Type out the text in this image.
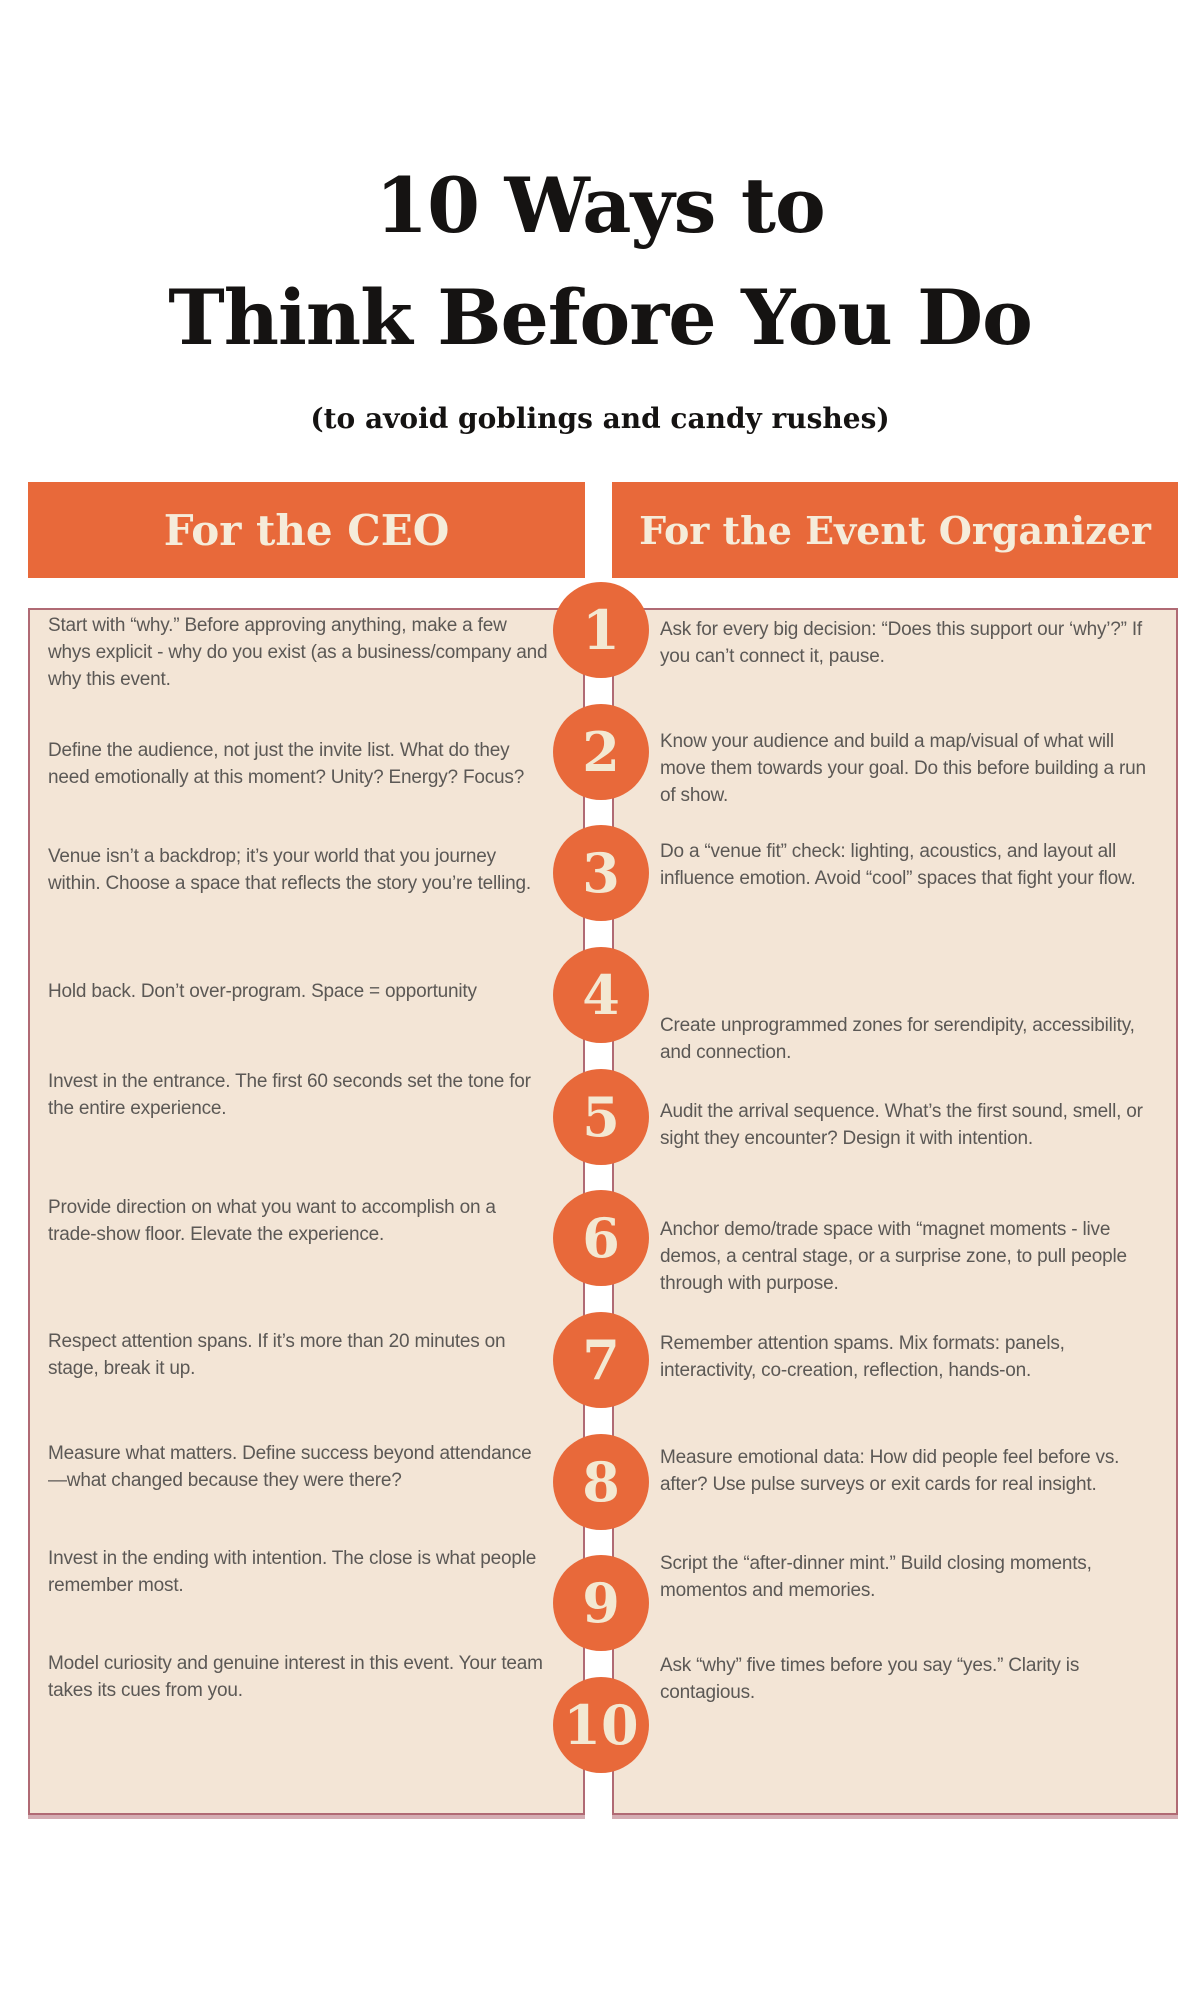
10 Ways to
Think Before You Do
(to avoid goblings and candy rushes)
For the CEO	For the Event Organizer
Start with “why.” Before approving anything, make a few whys explicit - why do you exist (as a business/company and why this event.
Define the audience, not just the invite list. What do they need emotionally at this moment? Unity? Energy? Focus?
Venue isn’t a backdrop; it’s your world that you journey within. Choose a space that reflects the story you’re telling.
Hold back. Don’t over-program. Space = opportunity
Invest in the entrance. The first 60 seconds set the tone for the entire experience.
Provide direction on what you want to accomplish on a trade-show floor. Elevate the experience.
Respect attention spans. If it’s more than 20 minutes on stage, break it up.
Measure what matters. Define success beyond attendance—what changed because they were there?
Invest in the ending with intention. The close is what people remember most.
Model curiosity and genuine interest in this event. Your team takes its cues from you.
Ask for every big decision: “Does this support our ‘why’?” If you can’t connect it, pause.
Know your audience and build a map/visual of what will move them towards your goal. Do this before building a run of show.
Do a “venue fit” check: lighting, acoustics, and layout all influence emotion. Avoid “cool” spaces that fight your flow.
Create unprogrammed zones for serendipity, accessibility, and connection.
Audit the arrival sequence. What’s the first sound, smell, or sight they encounter? Design it with intention.
Anchor demo/trade space with “magnet moments - live demos, a central stage, or a surprise zone, to pull people through with purpose.
Remember attention spams. Mix formats: panels, interactivity, co-creation, reflection, hands-on.
Measure emotional data: How did people feel before vs. after? Use pulse surveys or exit cards for real insight.
Script the “after-dinner mint.” Build closing moments, momentos and memories.
Ask “why” five times before you say “yes.” Clarity is contagious.
1
2
3
4
5
6
7
8
9
10
